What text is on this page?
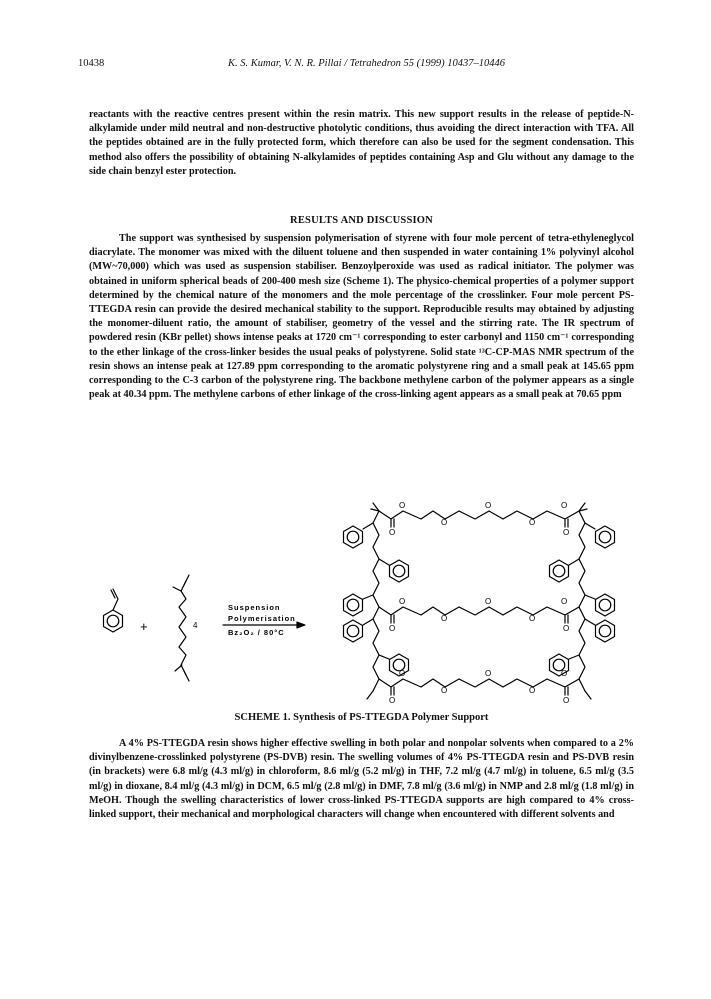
10438	K. S. Kumar, V. N. R. Pillai / Tetrahedron 55 (1999) 10437–10446

reactants with the reactive centres present within the resin matrix. This new support results in the release of peptide-N-alkylamide under mild neutral and non-destructive photolytic conditions, thus avoiding the direct interaction with TFA. All the peptides obtained are in the fully protected form, which therefore can also be used for the segment condensation. This method also offers the possibility of obtaining N-alkylamides of peptides containing Asp and Glu without any damage to the side chain benzyl ester protection.

RESULTS AND DISCUSSION

The support was synthesised by suspension polymerisation of styrene with four mole percent of tetra-ethyleneglycol diacrylate. The monomer was mixed with the diluent toluene and then suspended in water containing 1% polyvinyl alcohol (MW~70,000) which was used as suspension stabiliser. Benzoylperoxide was used as radical initiator. The polymer was obtained in uniform spherical beads of 200-400 mesh size (Scheme 1). The physico-chemical properties of a polymer support determined by the chemical nature of the monomers and the mole percentage of the crosslinker. Four mole percent PS-TTEGDA resin can provide the desired mechanical stability to the support. Reproducible results may obtained by adjusting the monomer-diluent ratio, the amount of stabiliser, geometry of the vessel and the stirring rate. The IR spectrum of powdered resin (KBr pellet) shows intense peaks at 1720 cm⁻¹ corresponding to ester carbonyl and 1150 cm⁻¹ corresponding to the ether linkage of the cross-linker besides the usual peaks of polystyrene. Solid state ¹³C-CP-MAS NMR spectrum of the resin shows an intense peak at 127.89 ppm corresponding to the aromatic polystyrene ring and a small peak at 145.65 ppm corresponding to the C-3 carbon of the polystyrene ring. The backbone methylene carbon of the polymer appears as a single peak at 40.34 ppm. The methylene carbons of ether linkage of the cross-linking agent appears as a small peak at 70.65 ppm

+	4
Suspension
Polymerisation
Bz₂O₂ / 80°C
O
O
O
O
O
O	O
O
O
O
O
O
O	O
O
O
O
O
O
O	O
SCHEME 1. Synthesis of PS-TTEGDA Polymer Support

A 4% PS-TTEGDA resin shows higher effective swelling in both polar and nonpolar solvents when compared to a 2% divinylbenzene-crosslinked polystyrene (PS-DVB) resin. The swelling volumes of 4% PS-TTEGDA resin and PS-DVB resin (in brackets) were 6.8 ml/g (4.3 ml/g) in chloroform, 8.6 ml/g (5.2 ml/g) in THF, 7.2 ml/g (4.7 ml/g) in toluene, 6.5 ml/g (3.5 ml/g) in dioxane, 8.4 ml/g (4.3 ml/g) in DCM, 6.5 ml/g (2.8 ml/g) in DMF, 7.8 ml/g (3.6 ml/g) in NMP and 2.8 ml/g (1.8 ml/g) in MeOH. Though the swelling characteristics of lower cross-linked PS-TTEGDA supports are high compared to 4% cross-linked support, their mechanical and morphological characters will change when encountered with different solvents and
